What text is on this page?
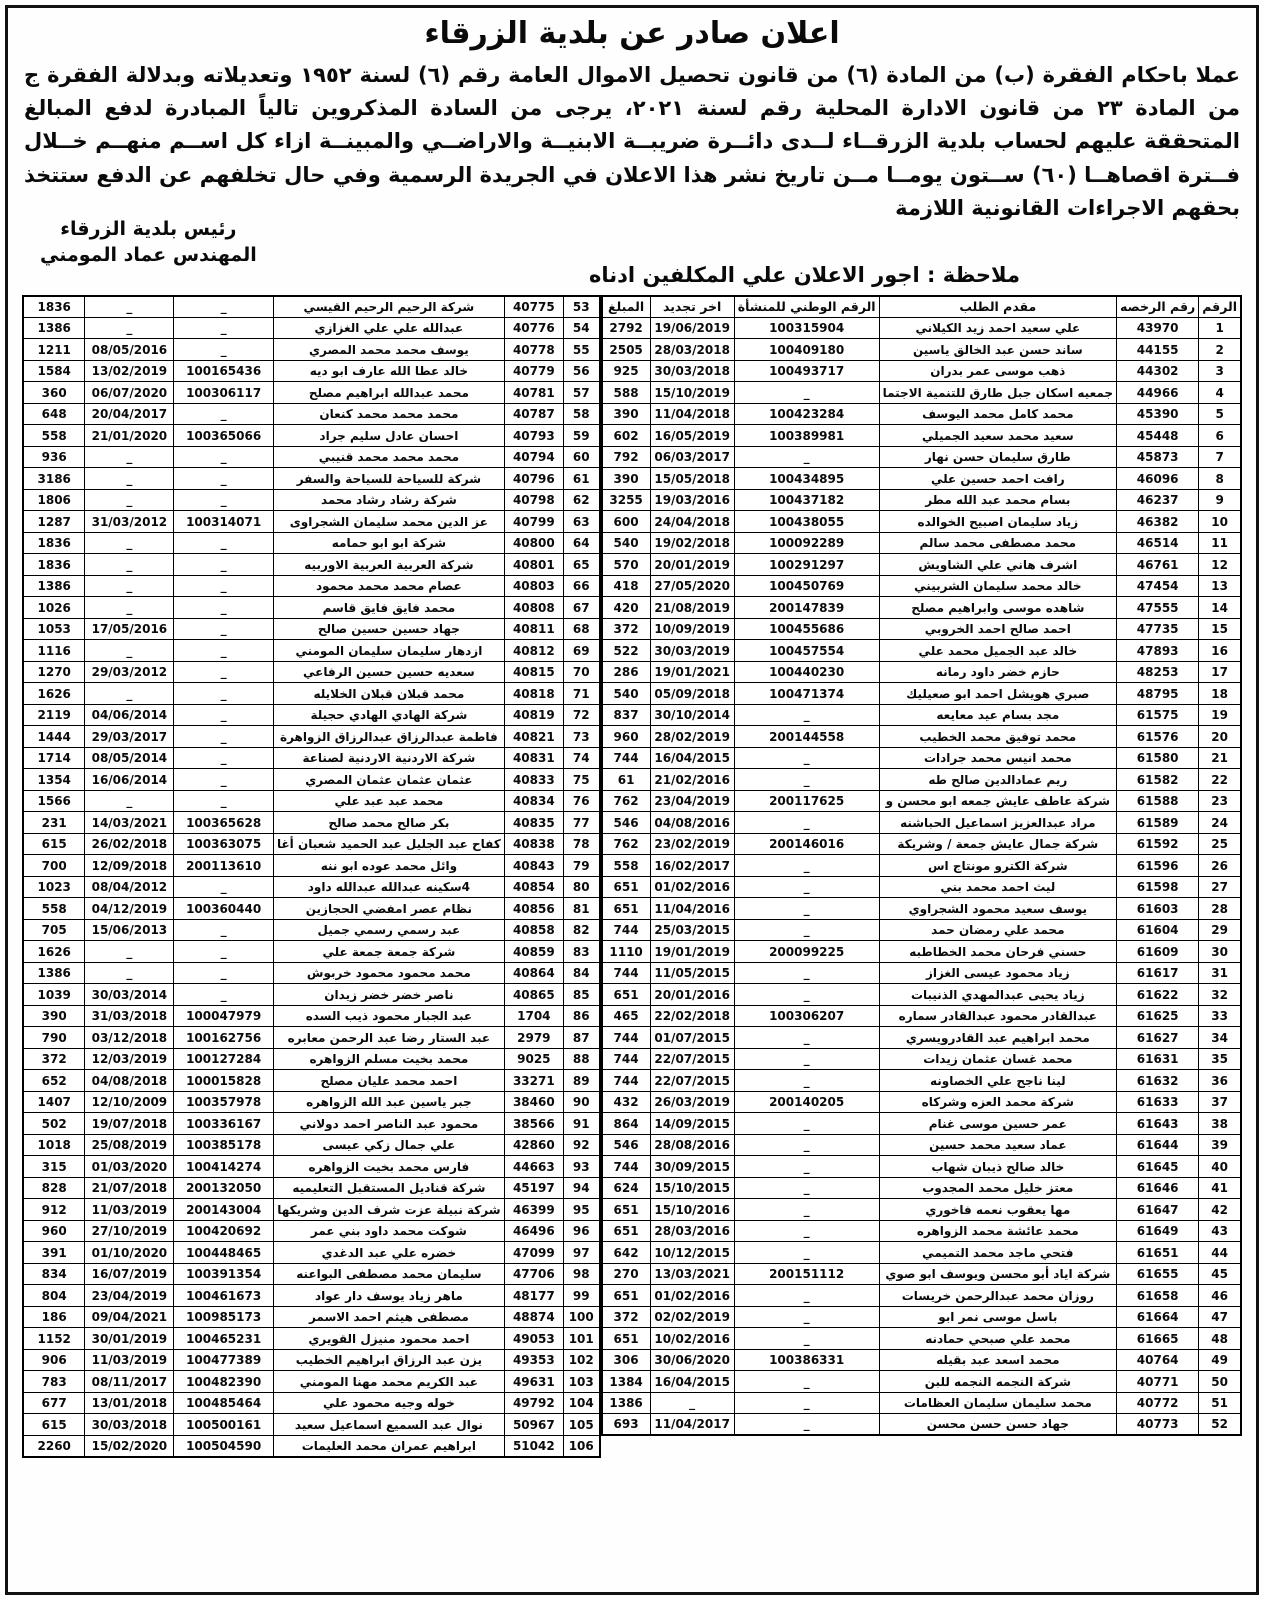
اعلان صادر عن بلدية الزرقاء

عملا باحكام الفقرة (ب) من المادة (٦) من قانون تحصيل الاموال العامة رقم (٦) لسنة ١٩٥٢ وتعديلاته وبدلالة الفقرة ج من المادة ٢٣ من قانون الادارة المحلية رقم لسنة ٢٠٢١، يرجى من السادة المذكروين تالياً المبادرة لدفع المبالغ المتحققة عليهم لحساب بلدية الزرقــاء لــدى دائــرة ضريبــة الابنيــة والاراضــي والمبينــة ازاء كل اســم منهــم خــلال فــترة اقصاهــا (٦٠) ســتون يومــا مــن تاريخ نشر هذا الاعلان في الجريدة الرسمية وفي حال تخلفهم عن الدفع ستتخذ بحقهم الاجراءات القانونية اللازمة

رئيس بلدية الزرقاء
المهندس عماد المومني
ملاحظة : اجور الاعلان علي المكلفين ادناه
الرقم	رقم الرخصه	مقدم الطلب	الرقم الوطني للمنشأة	اخر تجديد	المبلغ
1	43970	علي سعيد احمد زيد الكيلاني	100315904	19/06/2019	2792
2	44155	ساند حسن عبد الخالق ياسين	100409180	28/03/2018	2505
3	44302	ذهب موسى عمر بدران	100493717	30/03/2018	925
4	44966	جمعيه اسكان جبل طارق للتنمية الاجتما	_	15/10/2019	588
5	45390	محمد كامل محمد اليوسف	100423284	11/04/2018	390
6	45448	سعيد محمد سعيد الجميلي	100389981	16/05/2019	602
7	45873	طارق سليمان حسن نهار	_	06/03/2017	792
8	46096	رافت احمد حسين علي	100434895	15/05/2018	390
9	46237	بسام محمد عبد الله مطر	100437182	19/03/2016	3255
10	46382	زياد سليمان اصبيح الخوالده	100438055	24/04/2018	600
11	46514	محمد مصطفى محمد سالم	100092289	19/02/2018	540
12	46761	اشرف هاني علي الشاويش	100291297	20/01/2019	570
13	47454	خالد محمد سليمان الشربيني	100450769	27/05/2020	418
14	47555	شاهده موسى وابراهيم مصلح	200147839	21/08/2019	420
15	47735	احمد صالح احمد الخروبي	100455686	10/09/2019	372
16	47893	خالد عبد الجميل محمد علي	100457554	30/03/2019	522
17	48253	حازم خضر داود رمانه	100440230	19/01/2021	286
18	48795	صبري هويشل احمد ابو صعيليك	100471374	05/09/2018	540
19	61575	مجد بسام عيد معايعه	_	30/10/2014	837
20	61576	محمد توفيق محمد الخطيب	200144558	28/02/2019	960
21	61580	محمد انيس محمد جرادات	_	16/04/2015	744
22	61582	ريم عمادالدين صالح طه	_	21/02/2016	61
23	61588	شركة عاطف عايش جمعه ابو محسن و	200117625	23/04/2019	762
24	61589	مراد عبدالعزيز اسماعيل الحباشنه	_	04/08/2016	546
25	61592	شركة جمال عايش جمعة / وشريكة	200146016	23/02/2019	762
26	61596	شركة الكترو مونتاج اس	_	16/02/2017	558
27	61598	ليث احمد محمد بني	_	01/02/2016	651
28	61603	يوسف سعيد محمود الشجراوي	_	11/04/2016	651
29	61604	محمد علي رمضان حمد	_	25/03/2015	744
30	61609	حسني فرحان محمد الخطاطبه	200099225	19/01/2019	1110
31	61617	زياد محمود عيسى الغزاز	_	11/05/2015	744
32	61622	زياد يحيى عبدالمهدي الذنيبات	_	20/01/2016	651
33	61625	عبدالقادر محمود عبدالقادر سماره	100306207	22/02/2018	465
34	61627	محمد ابراهيم عبد القادرويسري	_	01/07/2015	744
35	61631	محمد غسان عثمان زيدات	_	22/07/2015	744
36	61632	لينا ناجح علي الخصاونه	_	22/07/2015	744
37	61633	شركة محمد العزه وشركاه	200140205	26/03/2019	432
38	61643	عمر حسين موسى غنام	_	14/09/2015	864
39	61644	عماد سعيد محمد حسين	_	28/08/2016	546
40	61645	خالد صالح ذيبان شهاب	_	30/09/2015	744
41	61646	معتز خليل محمد المجدوب	_	15/10/2015	624
42	61647	مها يعقوب نعمه فاخوري	_	15/10/2016	651
43	61649	محمد عائشة محمد الزواهره	_	28/03/2016	651
44	61651	فتحي ماجد محمد التميمي	_	10/12/2015	642
45	61655	شركة اياد أبو محسن ويوسف ابو صوي	200151112	13/03/2021	270
46	61658	روزان محمد عبدالرحمن خريسات	_	01/02/2016	651
47	61664	باسل موسى نمر ابو	_	02/02/2019	372
48	61665	محمد علي صبحي حمادنه	_	10/02/2016	651
49	40764	محمد اسعد عبد بقيله	100386331	30/06/2020	306
50	40771	شركة النجمه النجمه للبن	_	16/04/2015	1384
51	40772	محمد سليمان سليمان العظامات	_	_	1386
52	40773	جهاد حسن حسن محسن	_	11/04/2017	693
53	40775	شركة الرحيم الرحيم القيسي	_	_	1836
54	40776	عبدالله علي علي الغزازي	_	_	1386
55	40778	يوسف محمد محمد المصري	_	08/05/2016	1211
56	40779	خالد عطا الله عارف ابو ديه	100165436	13/02/2019	1584
57	40781	محمد عبدالله ابراهيم مصلح	100306117	06/07/2020	360
58	40787	محمد محمد محمد كنعان	_	20/04/2017	648
59	40793	احسان عادل سليم جراد	100365066	21/01/2020	558
60	40794	محمد محمد محمد قنيبي	_	_	936
61	40796	شركة للسياحة للسياحة والسفر	_	_	3186
62	40798	شركة رشاد رشاد محمد	_	_	1806
63	40799	عز الدين محمد سليمان الشجراوى	100314071	31/03/2012	1287
64	40800	شركة ابو ابو حمامه	_	_	1836
65	40801	شركة العربية العربية الاوربيه	_	_	1836
66	40803	عصام محمد محمد محمود	_	_	1386
67	40808	محمد فايق فايق قاسم	_	_	1026
68	40811	جهاد حسين حسين صالح	_	17/05/2016	1053
69	40812	ازدهار سليمان سليمان المومني	_	_	1116
70	40815	سعديه حسين حسين الرفاعي	_	29/03/2012	1270
71	40818	محمد قبلان قبلان الخلايله	_	_	1626
72	40819	شركة الهادي الهادي حجيلة	_	04/06/2014	2119
73	40821	فاطمة عبدالرزاق عبدالرزاق الزواهرة	_	29/03/2017	1444
74	40831	شركة الاردنية الاردنية لصناعة	_	08/05/2014	1714
75	40833	عثمان عثمان عثمان المصري	_	16/06/2014	1354
76	40834	محمد عبد عبد علي	_	_	1566
77	40835	بكر صالح محمد صالح	100365628	14/03/2021	231
78	40838	كفاح عبد الجليل عبد الحميد شعبان أغا	100363075	26/02/2018	615
79	40843	وائل محمد عوده ابو ننه	200113610	12/09/2018	700
80	40854	4سكينه عبدالله عبدالله داود	_	08/04/2012	1023
81	40856	نظام عصر امفضي الحجازين	100360440	04/12/2019	558
82	40858	عبد رسمي رسمي جميل	_	15/06/2013	705
83	40859	شركة جمعة جمعة علي	_	_	1626
84	40864	محمد محمود محمود خربوش	_	_	1386
85	40865	ناصر خضر خضر زيدان	_	30/03/2014	1039
86	1704	عبد الجبار محمود ذيب السده	100047979	31/03/2018	390
87	2979	عبد الستار رضا عبد الرحمن معابره	100162756	03/12/2018	790
88	9025	محمد بخيت مسلم الزواهره	100127284	12/03/2019	372
89	33271	احمد محمد عليان مصلح	100015828	04/08/2018	652
90	38460	جبر ياسين عبد الله الزواهره	100357978	12/10/2009	1407
91	38566	محمود عبد الناصر احمد دولاني	100336167	19/07/2018	502
92	42860	علي جمال زكي عيسى	100385178	25/08/2019	1018
93	44663	فارس محمد بخيت الزواهره	100414274	01/03/2020	315
94	45197	شركة قناديل المستقبل التعليميه	200132050	21/07/2018	828
95	46399	شركة نبيلة عزت شرف الدين وشريكها	200143004	11/03/2019	912
96	46496	شوكت محمد داود بني عمر	100420692	27/10/2019	960
97	47099	خضره علي عبد الدغدي	100448465	01/10/2020	391
98	47706	سليمان محمد مصطفى البواعنه	100391354	16/07/2019	834
99	48177	ماهر زياد يوسف دار عواد	100461673	23/04/2019	804
100	48874	مصطفى هيثم احمد الاسمر	100985173	09/04/2021	186
101	49053	احمد محمود منيزل القويري	100465231	30/01/2019	1152
102	49353	يزن عبد الرزاق ابراهيم الخطيب	100477389	11/03/2019	906
103	49631	عبد الكريم محمد مهنا المومني	100482390	08/11/2017	783
104	49792	خوله وجيه محمود علي	100485464	13/01/2018	677
105	50967	نوال عبد السميع اسماعيل سعيد	100500161	30/03/2018	615
106	51042	ابراهيم عمران محمد العليمات	100504590	15/02/2020	2260
